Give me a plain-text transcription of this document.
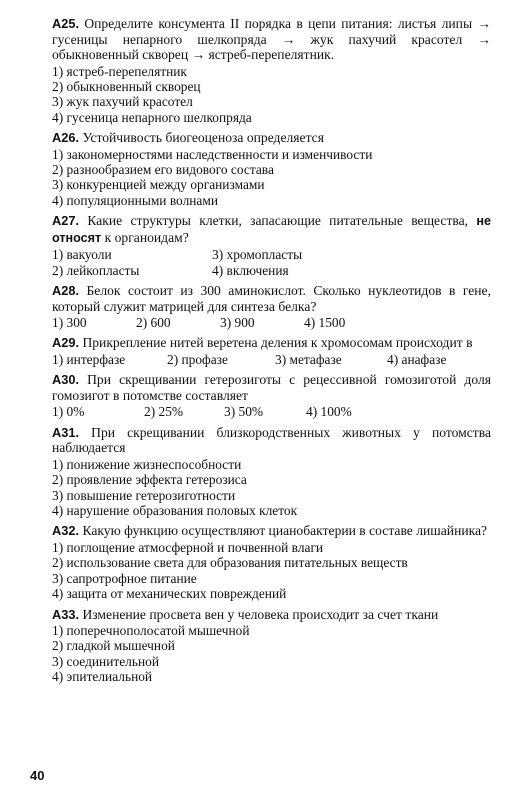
A25. Определите консумента II порядка в цепи питания: листья липы → гусеницы непарного шелкопряда → жук пахучий красотел → обыкновенный скворец → ястреб-перепелятник.

1) ястреб-перепелятник
2) обыкновенный скворец
3) жук пахучий красотел
4) гусеница непарного шелкопряда

A26. Устойчивость биогеоценоза определяется

1) закономерностями наследственности и изменчивости
2) разнообразием его видового состава
3) конкуренцией между организмами
4) популяционными волнами

A27. Какие структуры клетки, запасающие питательные вещества, не относят к органоидам?

1) вакуоли	3) хромопласты
2) лейкопласты	4) включения

A28. Белок состоит из 300 аминокислот. Сколько нуклеотидов в гене, который служит матрицей для синтеза белка?

1) 300	2) 600	3) 900	4) 1500

A29. Прикрепление нитей веретена деления к хромосомам происходит в

1) интерфазе	2) профазе	3) метафазе	4) анафазе

A30. При скрещивании гетерозиготы с рецессивной гомозиготой доля гомозигот в потомстве составляет

1) 0%	2) 25%	3) 50%	4) 100%

A31. При скрещивании близкородственных животных у потомства наблюдается

1) понижение жизнеспособности
2) проявление эффекта гетерозиса
3) повышение гетерозиготности
4) нарушение образования половых клеток

A32. Какую функцию осуществляют цианобактерии в составе лишайника?

1) поглощение атмосферной и почвенной влаги
2) использование света для образования питательных веществ
3) сапротрофное питание
4) защита от механических повреждений

A33. Изменение просвета вен у человека происходит за счет ткани

1) поперечнополосатой мышечной
2) гладкой мышечной
3) соединительной
4) эпителиальной
40
